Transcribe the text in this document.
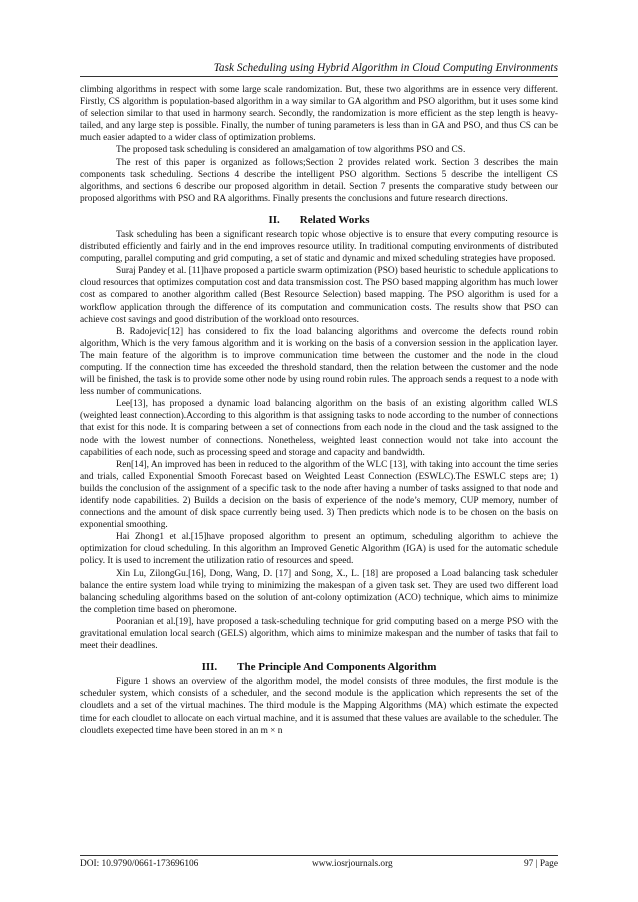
Task Scheduling using Hybrid Algorithm in Cloud Computing Environments

climbing algorithms in respect with some large scale randomization. But, these two algorithms are in essence very different. Firstly, CS algorithm is population-based algorithm in a way similar to GA algorithm and PSO algorithm, but it uses some kind of selection similar to that used in harmony search. Secondly, the randomization is more efficient as the step length is heavy-tailed, and any large step is possible. Finally, the number of tuning parameters is less than in GA and PSO, and thus CS can be much easier adapted to a wider class of optimization problems.

The proposed task scheduling is considered an amalgamation of tow algorithms PSO and CS.

The rest of this paper is organized as follows;Section 2 provides related work. Section 3 describes the main components task scheduling. Sections 4 describe the intelligent PSO algorithm. Sections 5 describe the intelligent CS algorithms, and sections 6 describe our proposed algorithm in detail. Section 7 presents the comparative study between our proposed algorithms with PSO and RA algorithms. Finally presents the conclusions and future research directions.

II. Related Works

Task scheduling has been a significant research topic whose objective is to ensure that every computing resource is distributed efficiently and fairly and in the end improves resource utility. In traditional computing environments of distributed computing, parallel computing and grid computing, a set of static and dynamic and mixed scheduling strategies have proposed.

Suraj Pandey et al. [11]have proposed a particle swarm optimization (PSO) based heuristic to schedule applications to cloud resources that optimizes computation cost and data transmission cost. The PSO based mapping algorithm has much lower cost as compared to another algorithm called (Best Resource Selection) based mapping. The PSO algorithm is used for a workflow application through the difference of its computation and communication costs. The results show that PSO can achieve cost savings and good distribution of the workload onto resources.

B. Radojevic[12] has considered to fix the load balancing algorithms and overcome the defects round robin algorithm, Which is the very famous algorithm and it is working on the basis of a conversion session in the application layer. The main feature of the algorithm is to improve communication time between the customer and the node in the cloud computing. If the connection time has exceeded the threshold standard, then the relation between the customer and the node will be finished, the task is to provide some other node by using round robin rules. The approach sends a request to a node with less number of communications.

Lee[13], has proposed a dynamic load balancing algorithm on the basis of an existing algorithm called WLS (weighted least connection).According to this algorithm is that assigning tasks to node according to the number of connections that exist for this node. It is comparing between a set of connections from each node in the cloud and the task assigned to the node with the lowest number of connections. Nonetheless, weighted least connection would not take into account the capabilities of each node, such as processing speed and storage and capacity and bandwidth.

Ren[14], An improved has been in reduced to the algorithm of the WLC [13], with taking into account the time series and trials, called Exponential Smooth Forecast based on Weighted Least Connection (ESWLC).The ESWLC steps are; 1) builds the conclusion of the assignment of a specific task to the node after having a number of tasks assigned to that node and identify node capabilities. 2) Builds a decision on the basis of experience of the node’s memory, CUP memory, number of connections and the amount of disk space currently being used. 3) Then predicts which node is to be chosen on the basis on exponential smoothing.

Hai Zhong1 et al.[15]have proposed algorithm to present an optimum, scheduling algorithm to achieve the optimization for cloud scheduling. In this algorithm an Improved Genetic Algorithm (IGA) is used for the automatic schedule policy. It is used to increment the utilization ratio of resources and speed.

Xin Lu, ZilongGu.[16], Dong, Wang, D. [17] and Song, X., L. [18] are proposed a Load balancing task scheduler balance the entire system load while trying to minimizing the makespan of a given task set. They are used two different load balancing scheduling algorithms based on the solution of ant-colony optimization (ACO) technique, which aims to minimize the completion time based on pheromone.

Pooranian et al.[19], have proposed a task-scheduling technique for grid computing based on a merge PSO with the gravitational emulation local search (GELS) algorithm, which aims to minimize makespan and the number of tasks that fail to meet their deadlines.

III. The Principle And Components Algorithm

Figure 1 shows an overview of the algorithm model, the model consists of three modules, the first module is the scheduler system, which consists of a scheduler, and the second module is the application which represents the set of the cloudlets and a set of the virtual machines. The third module is the Mapping Algorithms (MA) which estimate the expected time for each cloudlet to allocate on each virtual machine, and it is assumed that these values are available to the scheduler. The cloudlets exepected time have been stored in an m × n

DOI: 10.9790/0661-173696106	www.iosrjournals.org	97 | Page
